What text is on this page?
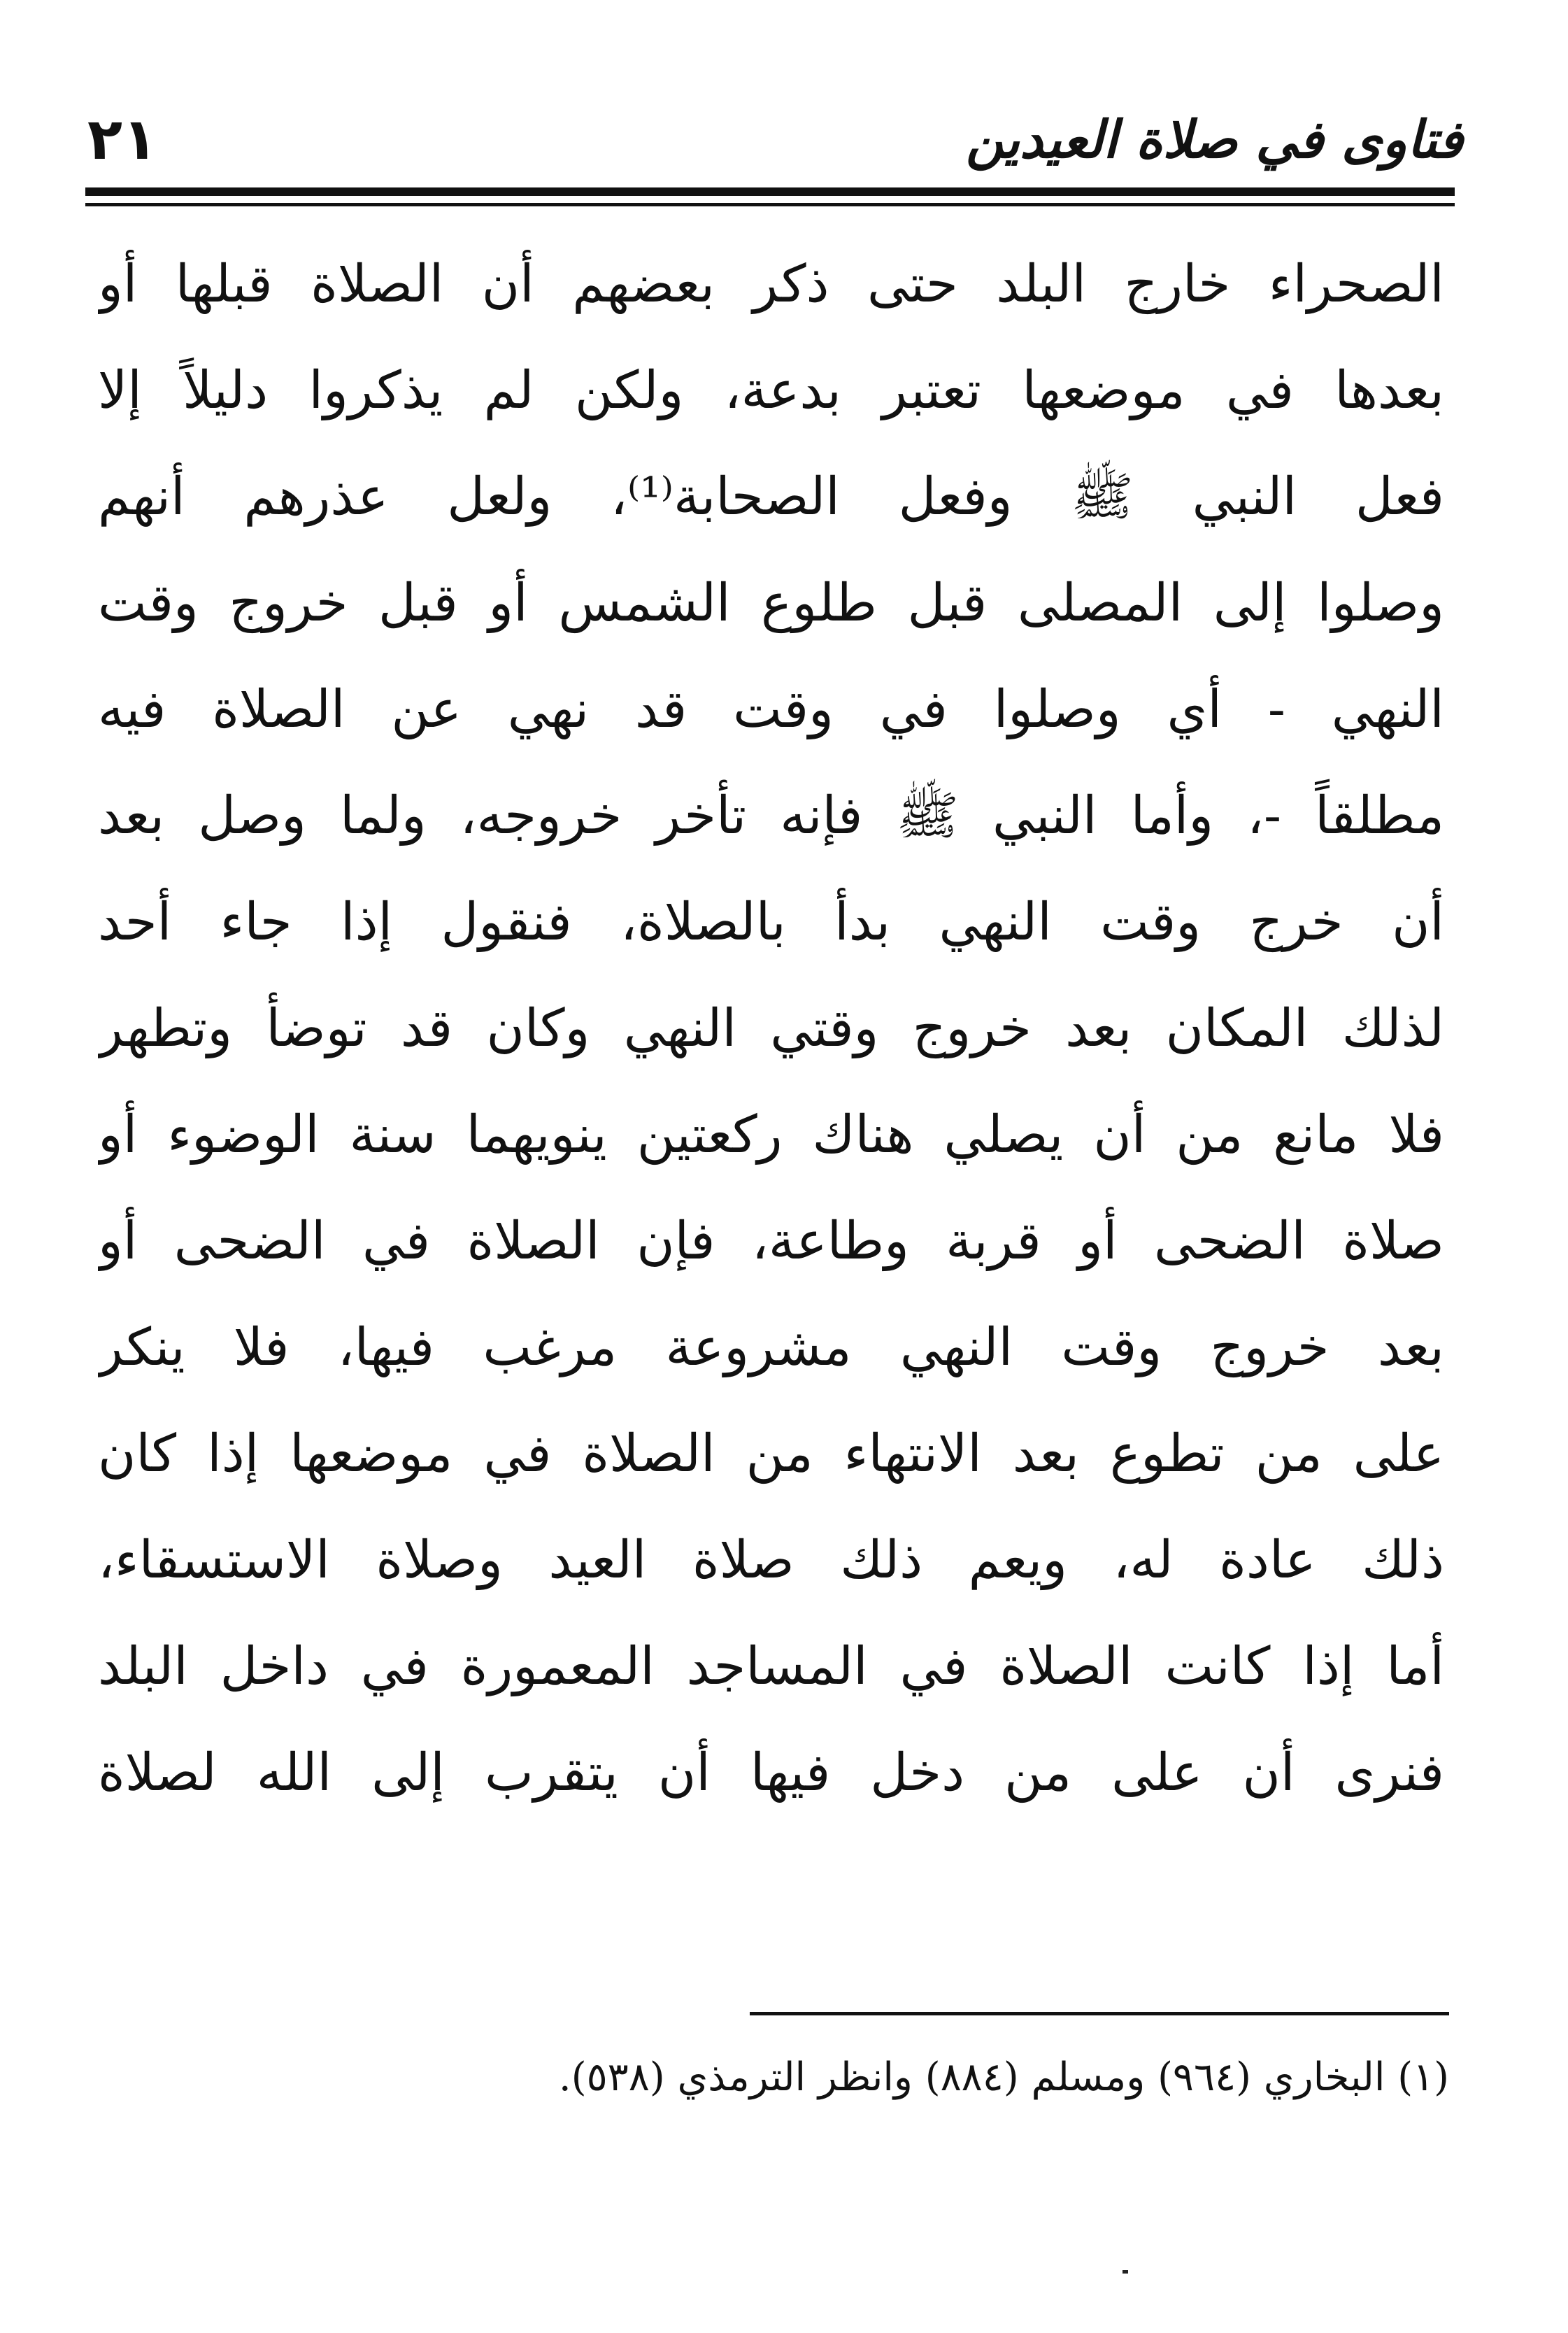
فتاوى في صلاة العيدين
٢١
الصحراء خارج البلد حتى ذكر بعضهم أن الصلاة قبلها أو
بعدها في موضعها تعتبر بدعة، ولكن لم يذكروا دليلاً إلا
فعل النبي ﷺ وفعل الصحابة⁽¹⁾، ولعل عذرهم أنهم
وصلوا إلى المصلى قبل طلوع الشمس أو قبل خروج وقت
النهي - أي وصلوا في وقت قد نهي عن الصلاة فيه
مطلقاً -، وأما النبي ﷺ فإنه تأخر خروجه، ولما وصل بعد
أن خرج وقت النهي بدأ بالصلاة، فنقول إذا جاء أحد
لذلك المكان بعد خروج وقتي النهي وكان قد توضأ وتطهر
فلا مانع من أن يصلي هناك ركعتين ينويهما سنة الوضوء أو
صلاة الضحى أو قربة وطاعة، فإن الصلاة في الضحى أو
بعد خروج وقت النهي مشروعة مرغب فيها، فلا ينكر
على من تطوع بعد الانتهاء من الصلاة في موضعها إذا كان
ذلك عادة له، ويعم ذلك صلاة العيد وصلاة الاستسقاء،
أما إذا كانت الصلاة في المساجد المعمورة في داخل البلد
فنرى أن على من دخل فيها أن يتقرب إلى الله لصلاة
(١) البخاري (٩٦٤) ومسلم (٨٨٤) وانظر الترمذي (٥٣٨).
